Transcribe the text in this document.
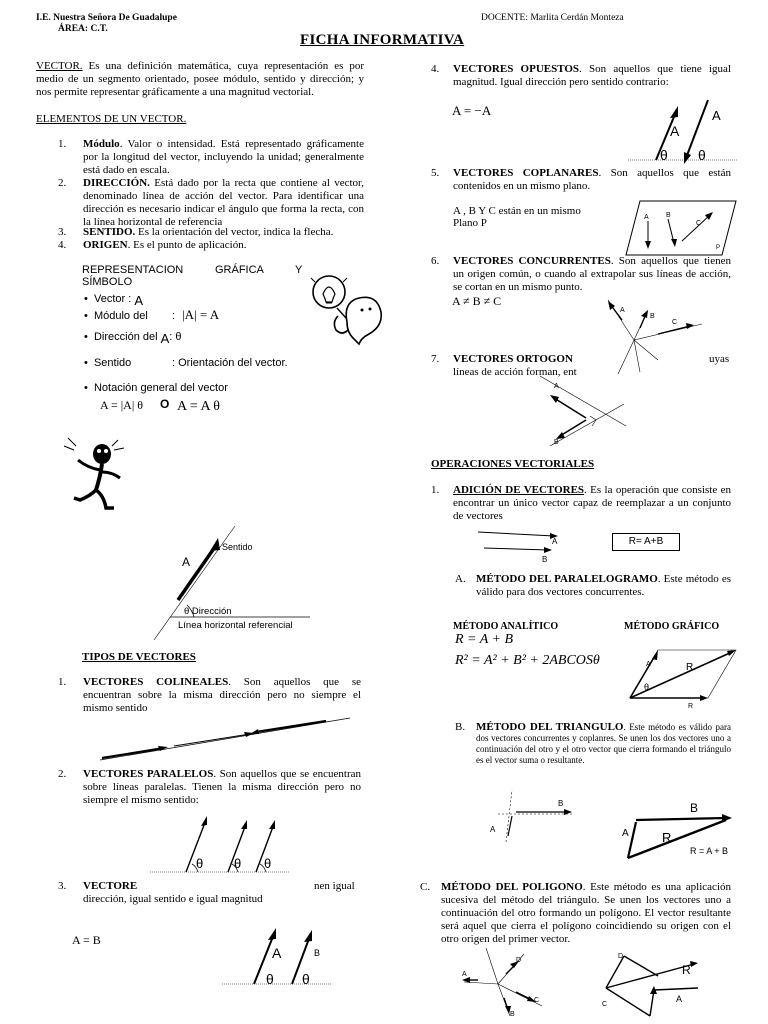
I.E. Nuestra Señora De Guadalupe
ÁREA: C.T.
DOCENTE: Marlita Cerdán Monteza
FICHA INFORMATIVA
VECTOR. Es una definición matemática, cuya representación es por medio de un segmento orientado, posee módulo, sentido y dirección; y nos permite representar gráficamente a una magnitud vectorial.
ELEMENTOS DE UN VECTOR.
1. Módulo. Valor o intensidad. Está representado gráficamente por la longitud del vector, incluyendo la unidad; generalmente está dado en escala.
2. DIRECCIÓN. Está dado por la recta que contiene al vector, denominado línea de acción del vector. Para identificar una dirección es necesario indicar el ángulo que forma la recta, con la línea horizontal de referencia
3. SENTIDO. Es la orientación del vector, indica la flecha.
4. ORIGEN. Es el punto de aplicación.
REPRESENTACION	GRÁFICA	Y
SÍMBOLO
•  Vector : A
•  Módulo del : |A| = A
•  Dirección del A: θ
•  Sentido	: Orientación del vector.
•  Notación general del vector
A = |A| θ O A = A θ
A
Sentido
θ Dirección
Línea horizontal referencial
TIPOS DE VECTORES
1. VECTORES COLINEALES. Son aquellos que se encuentran sobre la misma dirección pero no siempre el mismo sentido
2. VECTORES PARALELOS. Son aquellos que se encuentran sobre líneas paralelas. Tienen la misma dirección pero no siempre el mismo sentido:
θ θ θ
3. VECTORE	nen igual
dirección, igual sentido e igual magnitud
A = B
A	B
θ θ
4. VECTORES OPUESTOS. Son aquellos que tiene igual magnitud. Igual dirección pero sentido contrario:
A = −A
A
A
θ θ
5. VECTORES COPLANARES. Son aquellos que están contenidos en un mismo plano.
A , B Y C están en un mismo
Plano P	A B
C
P
6. VECTORES CONCURRENTES. Son aquellos que tienen un origen común, o cuando al extrapolar sus líneas de acción, se cortan en un mismo punto.
A ≠ B ≠ C
A
B
C
7. VECTORES ORTOGON	uyas
líneas de acción forman, ent
A
B
OPERACIONES VECTORIALES
1. ADICIÓN DE VECTORES. Es la operación que consiste en encontrar un único vector capaz de reemplazar a un conjunto de vectores
A
B
R= A+B
A. MÉTODO DEL PARALELOGRAMO. Este método es válido para dos vectores concurrentes.
MÉTODO ANALÍTICO	MÉTODO GRÁFICO
R = A + B
R² = A² + B² + 2ABCOSθ	A	R
θ
R
B. MÉTODO DEL TRIANGULO. Este método es válido para dos vectores concurrentes y coplanres. Se unen los dos vectores uno a continuación del otro y el otro vector que cierra formando el triángulo es el vector suma o resultante.
B
A
B
A	R
R = A + B
C. MÉTODO DEL POLIGONO. Este método es una aplicación sucesiva del método del triángulo. Se unen los vectores uno a continuación del otro formando un polígono. El vector resultante será aquel que cierra el polígono coincidiendo su origen con el otro origen del primer vector.
A
D
C
B
D
R
A
C
